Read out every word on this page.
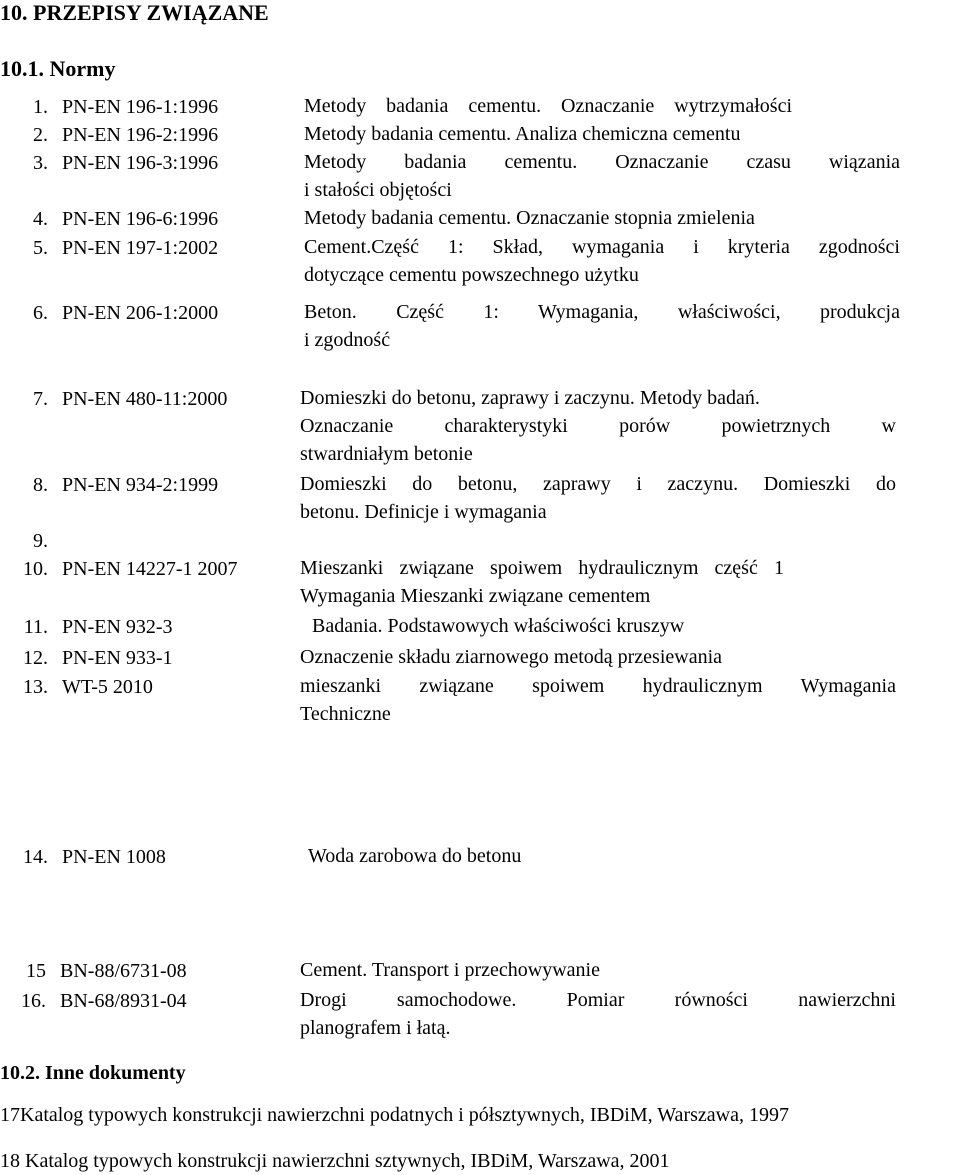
10. PRZEPISY ZWIĄZANE
10.1. Normy
1. PN-EN 196-1:1996	Metody badania cementu. Oznaczanie wytrzymałości
2. PN-EN 196-2:1996	Metody badania cementu. Analiza chemiczna cementu
3. PN-EN 196-3:1996	Metody badania cementu. Oznaczanie czasu wiązania
i stałości objętości
4. PN-EN 196-6:1996	Metody badania cementu. Oznaczanie stopnia zmielenia
5. PN-EN 197-1:2002	Cement.Część 1: Skład, wymagania i kryteria zgodności
dotyczące cementu powszechnego użytku
6. PN-EN 206-1:2000	Beton. Część 1: Wymagania, właściwości, produkcja
i zgodność
7. PN-EN 480-11:2000	Domieszki do betonu, zaprawy i zaczynu. Metody badań.
Oznaczanie charakterystyki porów powietrznych w
stwardniałym betonie
8. PN-EN 934-2:1999	Domieszki do betonu, zaprawy i zaczynu. Domieszki do
betonu. Definicje i wymagania
9.
10. PN-EN 14227-1 2007	Mieszanki związane spoiwem hydraulicznym część 1
Wymagania Mieszanki związane cementem
11. PN-EN 932-3	Badania. Podstawowych właściwości kruszyw
12. PN-EN 933-1	Oznaczenie składu ziarnowego metodą przesiewania
13. WT-5 2010	mieszanki związane spoiwem hydraulicznym Wymagania
Techniczne
14. PN-EN 1008	Woda zarobowa do betonu
15 BN-88/6731-08	Cement. Transport i przechowywanie
16. BN-68/8931-04	Drogi samochodowe. Pomiar równości nawierzchni
planografem i łatą.
10.2. Inne dokumenty
17Katalog typowych konstrukcji nawierzchni podatnych i półsztywnych, IBDiM, Warszawa, 1997
18 Katalog typowych konstrukcji nawierzchni sztywnych, IBDiM, Warszawa, 2001
